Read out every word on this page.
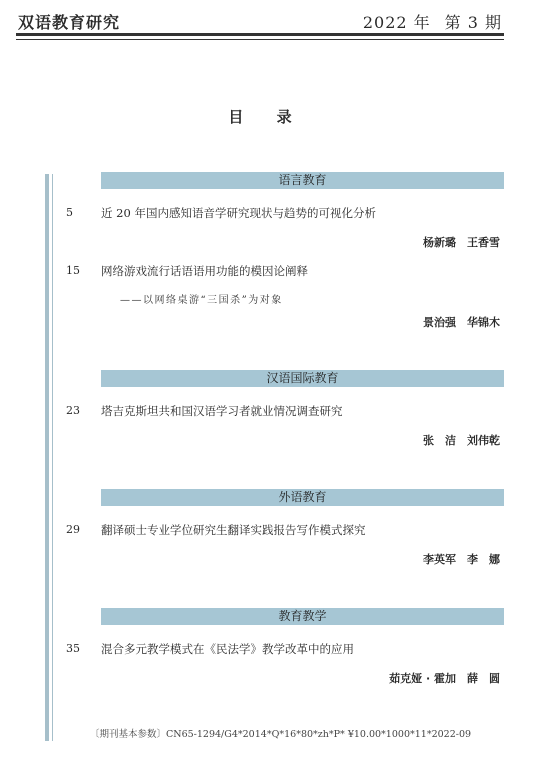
双语教育研究	2022 年 第 3 期
目 录
语言教育
5 近 20 年国内感知语音学研究现状与趋势的可视化分析
杨新璐　王香雪
15 网络游戏流行话语语用功能的模因论阐释
——以网络桌游“三国杀”为对象
景治强　华锦木
汉语国际教育
23 塔吉克斯坦共和国汉语学习者就业情况调查研究
张　洁　刘伟乾
外语教育
29 翻译硕士专业学位研究生翻译实践报告写作模式探究
李英军　李　娜
教育教学
35 混合多元教学模式在《民法学》教学改革中的应用
茹克娅 · 霍加　薛　圆
〔期刊基本参数〕CN65-1294/G4*2014*Q*16*80*zh*P* ¥10.00*1000*11*2022-09
